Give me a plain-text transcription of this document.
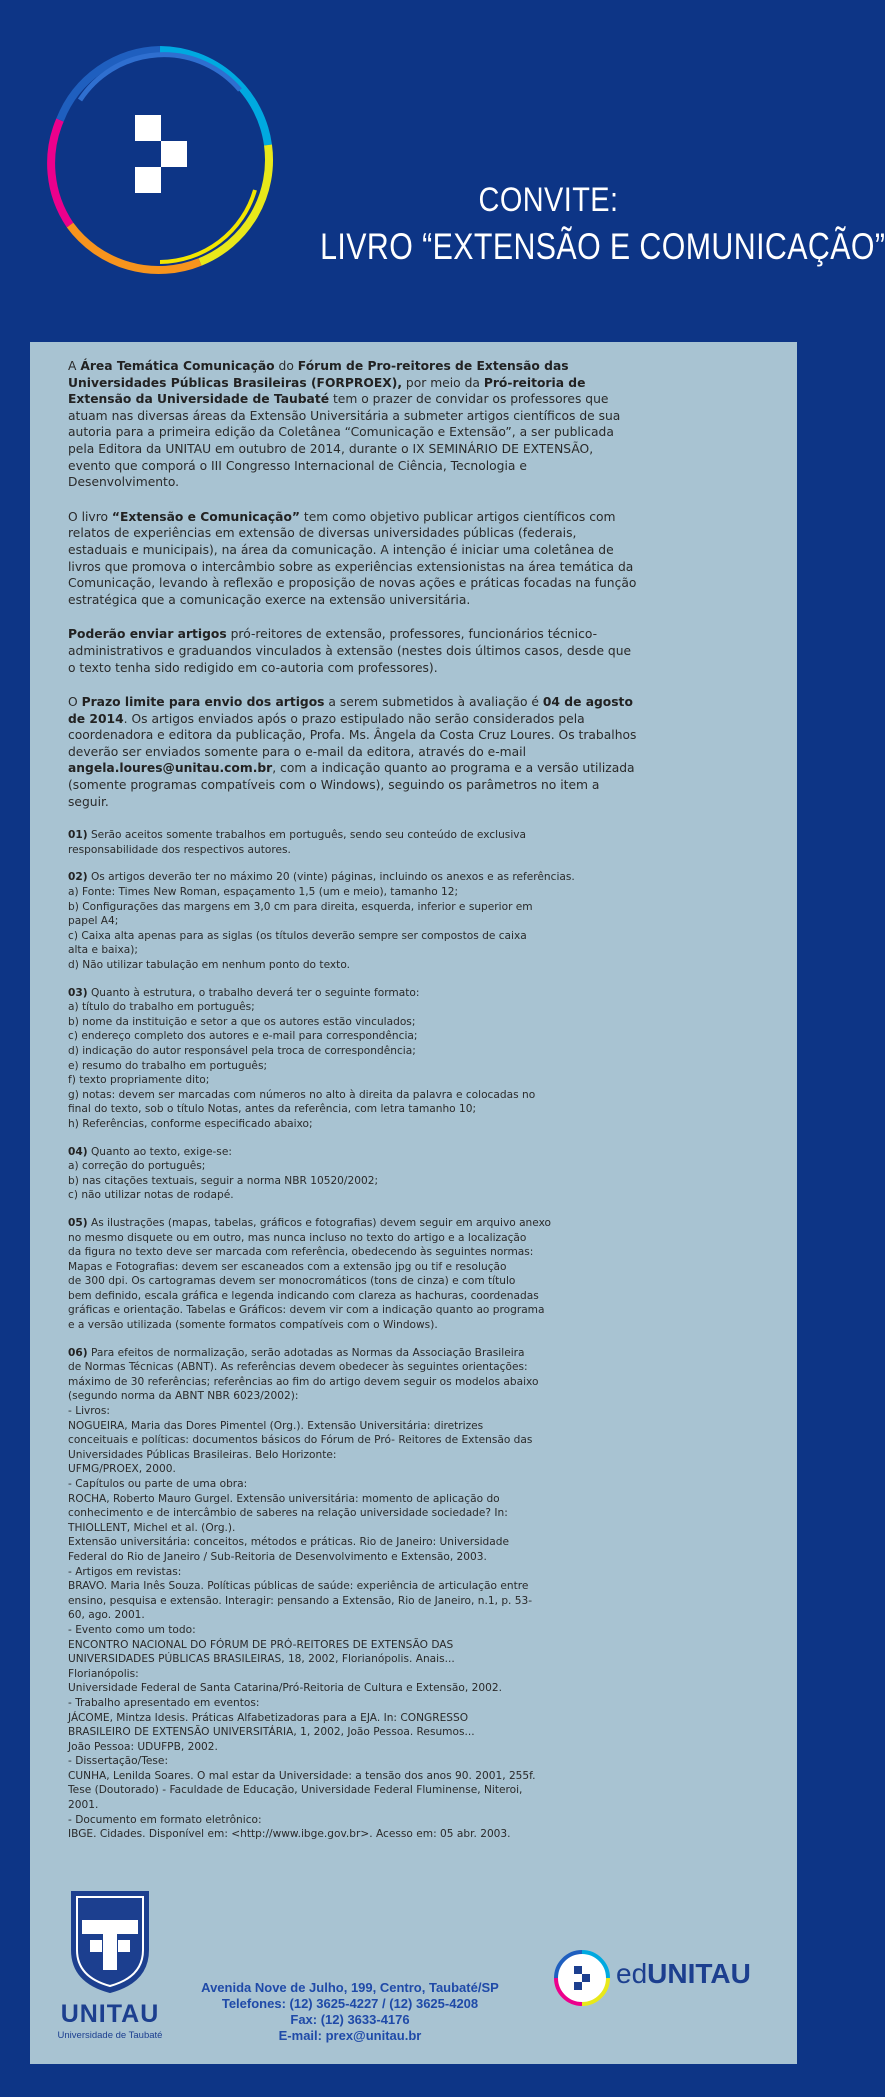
CONVITE:
LIVRO “EXTENSÃO E COMUNICAÇÃO”

A Área Temática Comunicação do Fórum de Pro-reitores de Extensão das Universidades Públicas Brasileiras (FORPROEX), por meio da Pró-reitoria de Extensão da Universidade de Taubaté tem o prazer de convidar os professores que atuam nas diversas áreas da Extensão Universitária a submeter artigos científicos de sua autoria para a primeira edição da Coletânea “Comunicação e Extensão”, a ser publicada pela Editora da UNITAU em outubro de 2014, durante o IX SEMINÁRIO DE EXTENSÃO, evento que comporá o III Congresso Internacional de Ciência, Tecnologia e Desenvolvimento.

O livro “Extensão e Comunicação” tem como objetivo publicar artigos científicos com relatos de experiências em extensão de diversas universidades públicas (federais, estaduais e municipais), na área da comunicação. A intenção é iniciar uma coletânea de livros que promova o intercâmbio sobre as experiências extensionistas na área temática da Comunicação, levando à reflexão e proposição de novas ações e práticas focadas na função estratégica que a comunicação exerce na extensão universitária.

Poderão enviar artigos pró-reitores de extensão, professores, funcionários técnico-administrativos e graduandos vinculados à extensão (nestes dois últimos casos, desde que o texto tenha sido redigido em co-autoria com professores).

O Prazo limite para envio dos artigos a serem submetidos à avaliação é 04 de agosto de 2014. Os artigos enviados após o prazo estipulado não serão considerados pela coordenadora e editora da publicação, Profa. Ms. Ângela da Costa Cruz Loures. Os trabalhos deverão ser enviados somente para o e-mail da editora, através do e-mail angela.loures@unitau.com.br, com a indicação quanto ao programa e a versão utilizada (somente programas compatíveis com o Windows), seguindo os parâmetros no item a seguir.

01) Serão aceitos somente trabalhos em português, sendo seu conteúdo de exclusiva
responsabilidade dos respectivos autores.

02) Os artigos deverão ter no máximo 20 (vinte) páginas, incluindo os anexos e as referências.
a) Fonte: Times New Roman, espaçamento 1,5 (um e meio), tamanho 12;
b) Configurações das margens em 3,0 cm para direita, esquerda, inferior e superior em
papel A4;
c) Caixa alta apenas para as siglas (os títulos deverão sempre ser compostos de caixa
alta e baixa);
d) Não utilizar tabulação em nenhum ponto do texto.

03) Quanto à estrutura, o trabalho deverá ter o seguinte formato:
a) título do trabalho em português;
b) nome da instituição e setor a que os autores estão vinculados;
c) endereço completo dos autores e e-mail para correspondência;
d) indicação do autor responsável pela troca de correspondência;
e) resumo do trabalho em português;
f) texto propriamente dito;
g) notas: devem ser marcadas com números no alto à direita da palavra e colocadas no
final do texto, sob o título Notas, antes da referência, com letra tamanho 10;
h) Referências, conforme especificado abaixo;

04) Quanto ao texto, exige-se:
a) correção do português;
b) nas citações textuais, seguir a norma NBR 10520/2002;
c) não utilizar notas de rodapé.

05) As ilustrações (mapas, tabelas, gráficos e fotografias) devem seguir em arquivo anexo
no mesmo disquete ou em outro, mas nunca incluso no texto do artigo e a localização
da figura no texto deve ser marcada com referência, obedecendo às seguintes normas:
Mapas e Fotografias: devem ser escaneados com a extensão jpg ou tif e resolução
de 300 dpi. Os cartogramas devem ser monocromáticos (tons de cinza) e com título
bem definido, escala gráfica e legenda indicando com clareza as hachuras, coordenadas
gráficas e orientação. Tabelas e Gráficos: devem vir com a indicação quanto ao programa
e a versão utilizada (somente formatos compatíveis com o Windows).

06) Para efeitos de normalização, serão adotadas as Normas da Associação Brasileira
de Normas Técnicas (ABNT). As referências devem obedecer às seguintes orientações:
máximo de 30 referências; referências ao fim do artigo devem seguir os modelos abaixo
(segundo norma da ABNT NBR 6023/2002):
- Livros:
NOGUEIRA, Maria das Dores Pimentel (Org.). Extensão Universitária: diretrizes
conceituais e políticas: documentos básicos do Fórum de Pró- Reitores de Extensão das
Universidades Públicas Brasileiras. Belo Horizonte:
UFMG/PROEX, 2000.
- Capítulos ou parte de uma obra:
ROCHA, Roberto Mauro Gurgel. Extensão universitária: momento de aplicação do
conhecimento e de intercâmbio de saberes na relação universidade sociedade? In:
THIOLLENT, Michel et al. (Org.).
Extensão universitária: conceitos, métodos e práticas. Rio de Janeiro: Universidade
Federal do Rio de Janeiro / Sub-Reitoria de Desenvolvimento e Extensão, 2003.
- Artigos em revistas:
BRAVO. Maria Inês Souza. Políticas públicas de saúde: experiência de articulação entre
ensino, pesquisa e extensão. Interagir: pensando a Extensão, Rio de Janeiro, n.1, p. 53-
60, ago. 2001.
- Evento como um todo:
ENCONTRO NACIONAL DO FÓRUM DE PRÓ-REITORES DE EXTENSÃO DAS
UNIVERSIDADES PÚBLICAS BRASILEIRAS, 18, 2002, Florianópolis. Anais...
Florianópolis:
Universidade Federal de Santa Catarina/Pró-Reitoria de Cultura e Extensão, 2002.
- Trabalho apresentado em eventos:
JÁCOME, Mintza Idesis. Práticas Alfabetizadoras para a EJA. In: CONGRESSO
BRASILEIRO DE EXTENSÃO UNIVERSITÁRIA, 1, 2002, João Pessoa. Resumos...
João Pessoa: UDUFPB, 2002.
- Dissertação/Tese:
CUNHA, Lenilda Soares. O mal estar da Universidade: a tensão dos anos 90. 2001, 255f.
Tese (Doutorado) - Faculdade de Educação, Universidade Federal Fluminense, Niteroi,
2001.
- Documento em formato eletrônico:
IBGE. Cidades. Disponível em: <http://www.ibge.gov.br>. Acesso em: 05 abr. 2003.

UNITAU
Universidade de Taubaté
Avenida Nove de Julho, 199, Centro, Taubaté/SP
Telefones: (12) 3625-4227 / (12) 3625-4208
Fax: (12) 3633-4176
E-mail: prex@unitau.br
edUNITAU
